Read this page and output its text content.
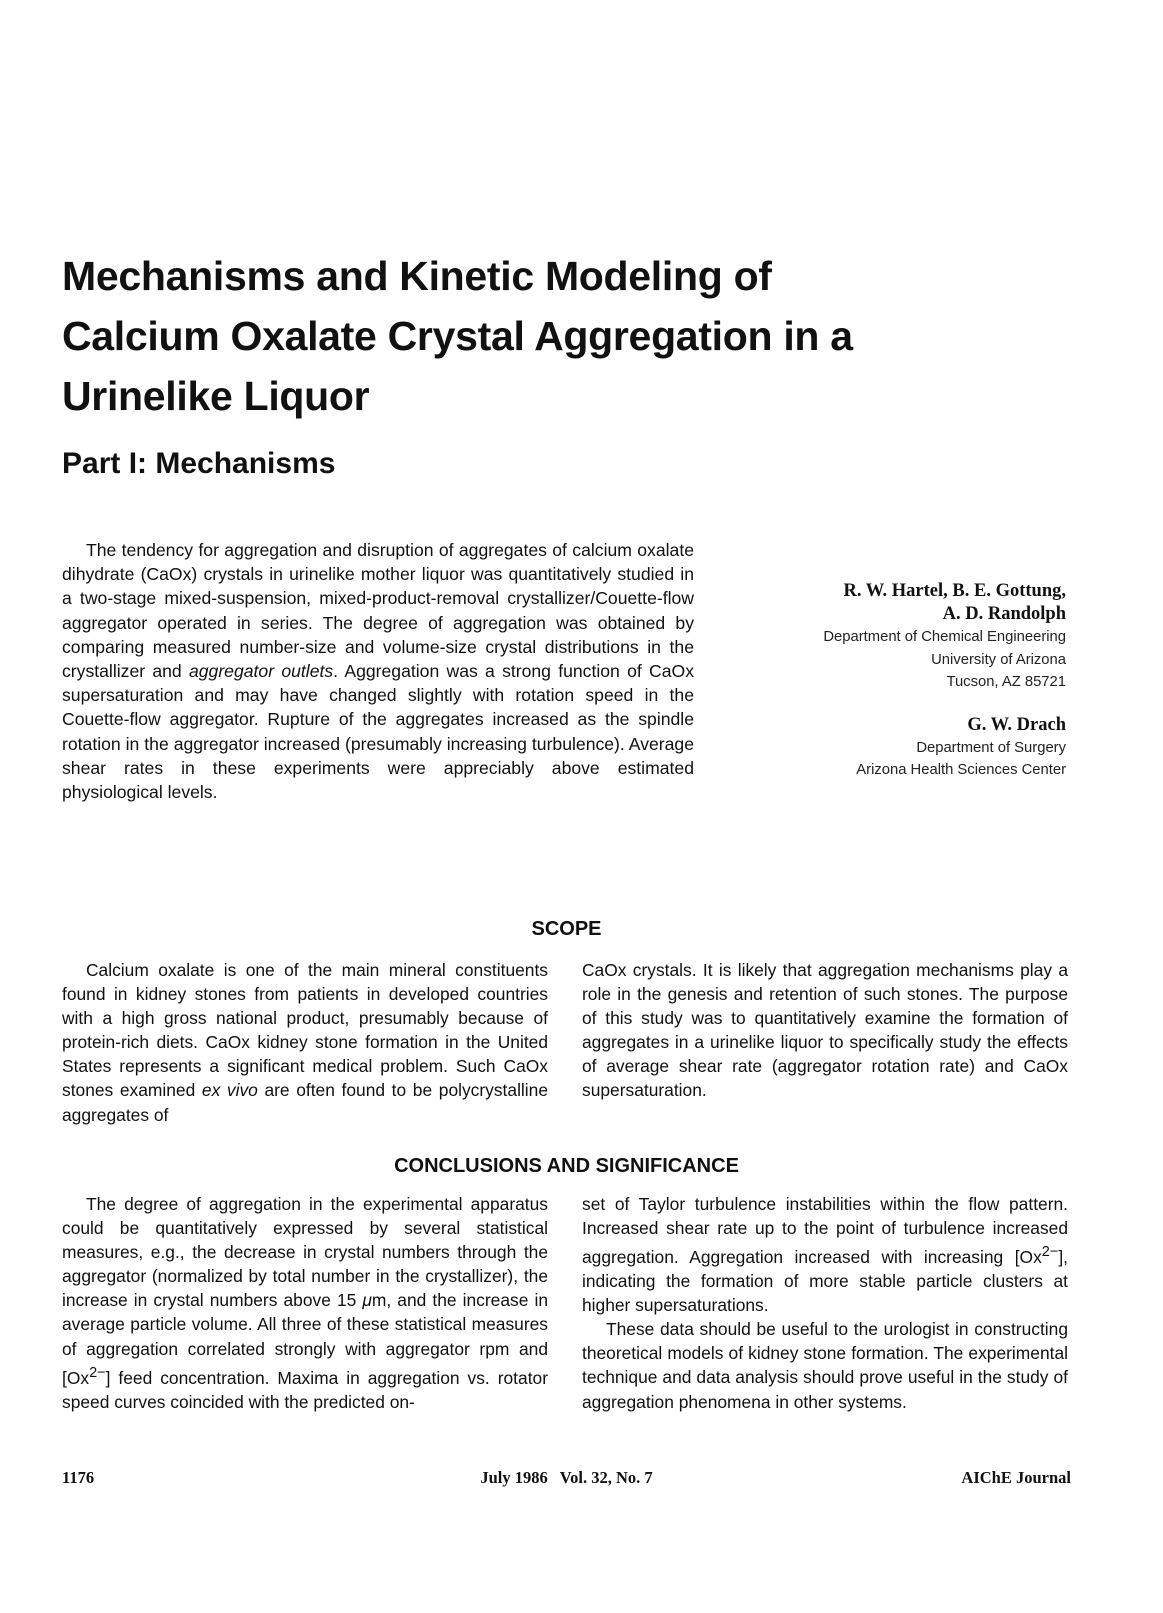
Mechanisms and Kinetic Modeling of
Calcium Oxalate Crystal Aggregation in a
Urinelike Liquor
Part I: Mechanisms

The tendency for aggregation and disruption of aggregates of calcium oxalate dihydrate (CaOx) crystals in urinelike mother liquor was quantitatively studied in a two-stage mixed-suspension, mixed-product-removal crystallizer/Couette-flow aggregator operated in series. The degree of aggregation was obtained by comparing measured number-size and volume-size crystal distributions in the crystallizer and aggregator outlets. Aggregation was a strong function of CaOx supersaturation and may have changed slightly with rotation speed in the Couette-flow aggregator. Rupture of the aggregates increased as the spindle rotation in the aggregator increased (presumably increasing turbulence). Average shear rates in these experiments were appreciably above estimated physiological levels.

R. W. Hartel, B. E. Gottung,
A. D. Randolph
Department of Chemical Engineering
University of Arizona
Tucson, AZ 85721
G. W. Drach
Department of Surgery
Arizona Health Sciences Center
SCOPE

Calcium oxalate is one of the main mineral constituents found in kidney stones from patients in developed countries with a high gross national product, presumably because of protein-rich diets. CaOx kidney stone formation in the United States represents a significant medical problem. Such CaOx stones examined ex vivo are often found to be polycrystalline aggregates of

CaOx crystals. It is likely that aggregation mechanisms play a role in the genesis and retention of such stones. The purpose of this study was to quantitatively examine the formation of aggregates in a urinelike liquor to specifically study the effects of average shear rate (aggregator rotation rate) and CaOx supersaturation.

CONCLUSIONS AND SIGNIFICANCE

The degree of aggregation in the experimental apparatus could be quantitatively expressed by several statistical measures, e.g., the decrease in crystal numbers through the aggregator (normalized by total number in the crystallizer), the increase in crystal numbers above 15 μm, and the increase in average particle volume. All three of these statistical measures of aggregation correlated strongly with aggregator rpm and $[Ox^{2-}]$ feed concentration. Maxima in aggregation vs. rotator speed curves coincided with the predicted on-

set of Taylor turbulence instabilities within the flow pattern. Increased shear rate up to the point of turbulence increased aggregation. Aggregation increased with increasing $[Ox^{2-}]$, indicating the formation of more stable particle clusters at higher supersaturations.

These data should be useful to the urologist in constructing theoretical models of kidney stone formation. The experimental technique and data analysis should prove useful in the study of aggregation phenomena in other systems.

1176	July 1986   Vol. 32, No. 7	AIChE Journal
